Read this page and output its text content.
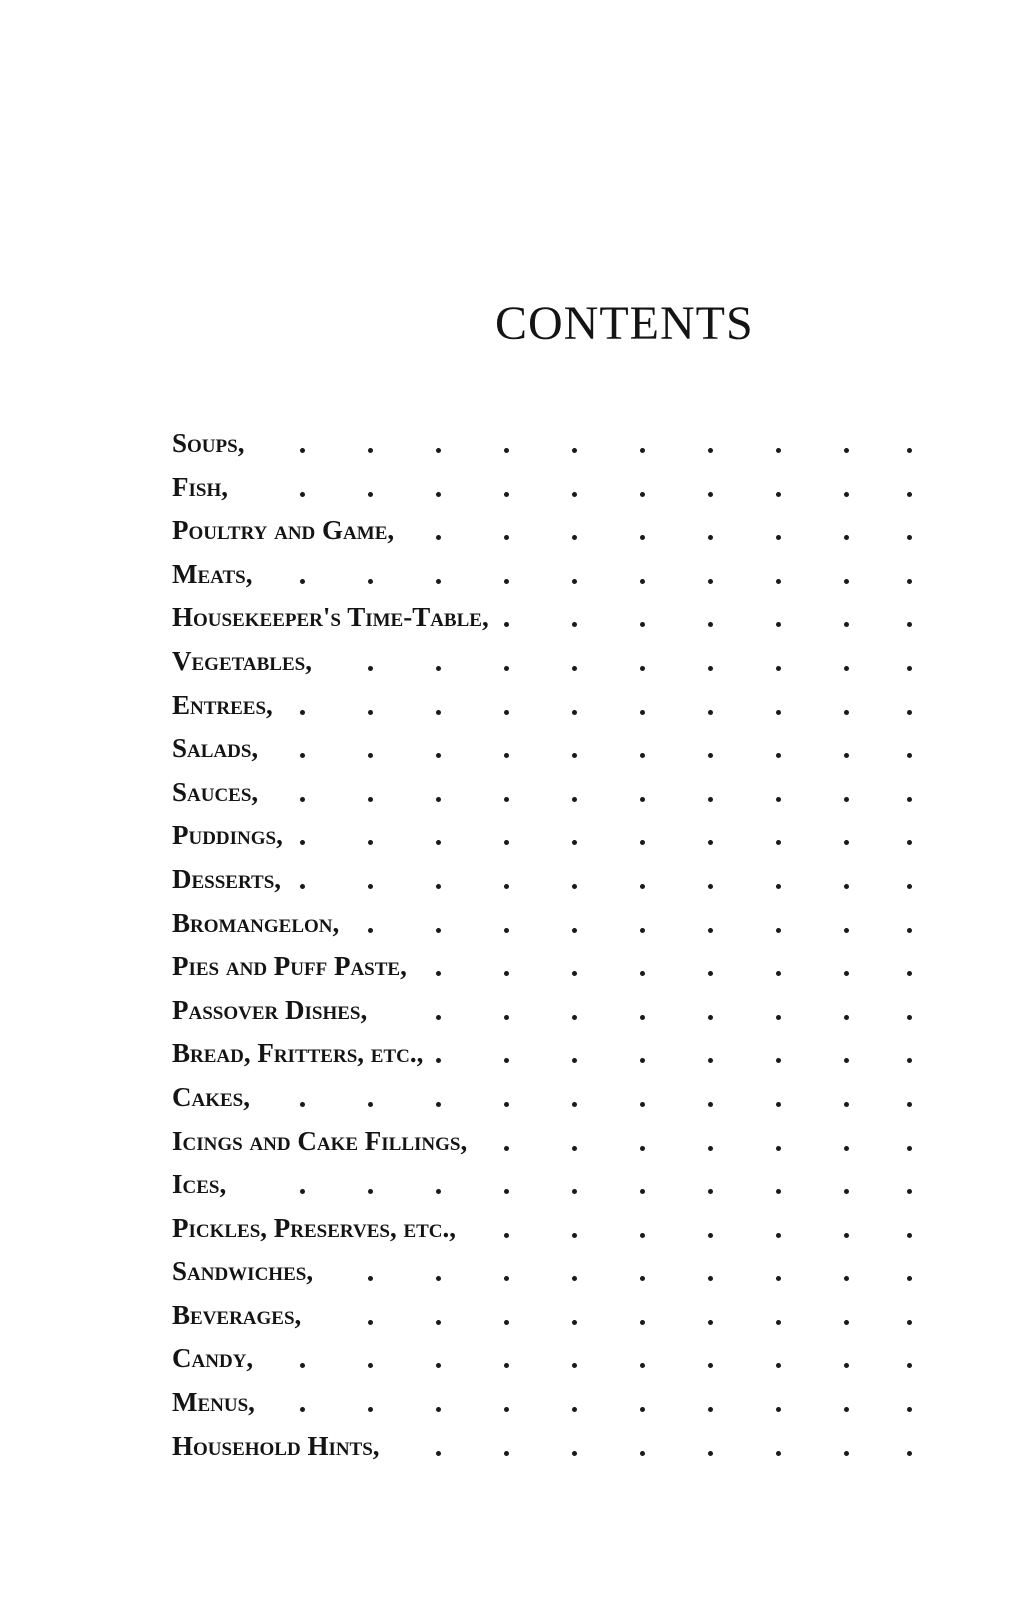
CONTENTS
Soups,
Fish,
Poultry and Game,
Meats,
Housekeeper's Time-Table,
Vegetables,
Entrees,
Salads,
Sauces,
Puddings,
Desserts,
Bromangelon,
Pies and Puff Paste,
Passover Dishes,
Bread, Fritters, etc.,
Cakes,
Icings and Cake Fillings,
Ices,
Pickles, Preserves, etc.,
Sandwiches,
Beverages,
Candy,
Menus,
Household Hints,
